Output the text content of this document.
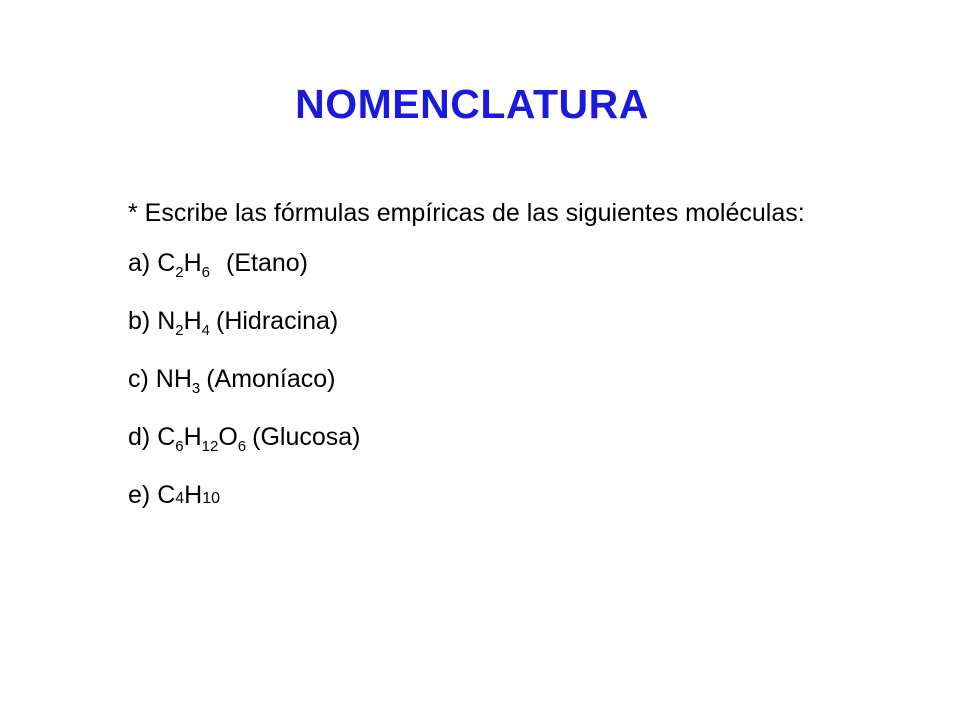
NOMENCLATURA

* Escribe las fórmulas empíricas de las siguientes moléculas:

a) $C_2H_6$ (Etano)
b) $N_2H_4$ (Hidracina)
c) $NH_3$ (Amoníaco)
d) $C_6H_{12}O_6$ (Glucosa)
e) C4H10
